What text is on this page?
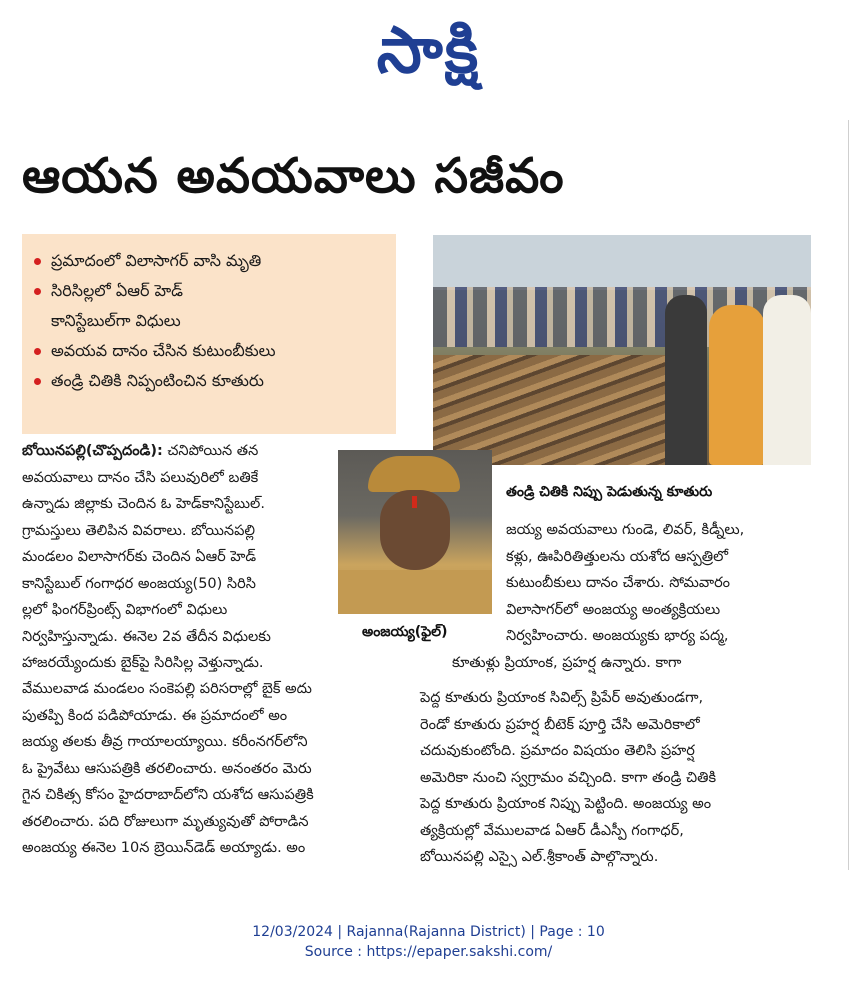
సాక్షి
ఆయన అవయవాలు సజీవం
ప్రమాదంలో విలాసాగర్ వాసి మృతి
సిరిసిల్లలో ఏఆర్ హెడ్
కానిస్టేబుల్‌గా విధులు
అవయవ దానం చేసిన కుటుంబీకులు
తండ్రి చితికి నిప్పంటించిన కూతురు
తండ్రి చితికి నిప్పు పెడుతున్న కూతురు
అంజయ్య(ఫైల్)
బోయినపల్లి(చొప్పదండి): చనిపోయిన తన
అవయవాలు దానం చేసి పలువురిలో బతికే
ఉన్నాడు జిల్లాకు చెందిన ఓ హెడ్‌కానిస్టేబుల్.
గ్రామస్తులు తెలిపిన వివరాలు. బోయినపల్లి
మండలం విలాసాగర్‌కు చెందిన ఏఆర్ హెడ్
కానిస్టేబుల్ గంగాధర అంజయ్య(50) సిరిసి
ల్లలో ఫింగర్‌ప్రింట్స్ విభాగంలో విధులు
నిర్వహిస్తున్నాడు. ఈనెల 2వ తేదీన విధులకు
హాజరయ్యేందుకు బైక్‌పై సిరిసిల్ల వెళ్తున్నాడు.
వేములవాడ మండలం సంకెపల్లి పరిసరాల్లో బైక్ అదు
పుతప్పి కింద పడిపోయాడు. ఈ ప్రమాదంలో అం
జయ్య తలకు తీవ్ర గాయాలయ్యాయి. కరీంనగర్‌లోని
ఓ ప్రైవేటు ఆసుపత్రికి తరలించారు. అనంతరం మెరు
గైన చికిత్స కోసం హైదరాబాద్‌లోని యశోద ఆసుపత్రికి
తరలించారు. పది రోజులుగా మృత్యువుతో పోరాడిన
అంజయ్య ఈనెల 10న బ్రెయిన్‌డెడ్ అయ్యాడు. అం
జయ్య అవయవాలు గుండె, లివర్, కిడ్నీలు,
కళ్లు, ఊపిరితిత్తులను యశోద ఆస్పత్రిలో
కుటుంబీకులు దానం చేశారు. సోమవారం
విలాసాగర్‌లో అంజయ్య అంత్యక్రియలు
నిర్వహించారు. అంజయ్యకు భార్య పద్మ,
కూతుళ్లు ప్రియాంక, ప్రహర్ష ఉన్నారు. కాగా
పెద్ద కూతురు ప్రియాంక సివిల్స్ ప్రిపేర్ అవుతుండగా,
రెండో కూతురు ప్రహర్ష బీటెక్ పూర్తి చేసి అమెరికాలో
చదువుకుంటోంది. ప్రమాదం విషయం తెలిసి ప్రహర్ష
అమెరికా నుంచి స్వగ్రామం వచ్చింది. కాగా తండ్రి చితికి
పెద్ద కూతురు ప్రియాంక నిప్పు పెట్టింది. అంజయ్య అం
త్యక్రియల్లో వేములవాడ ఏఆర్ డీఎస్పీ గంగాధర్,
బోయినపల్లి ఎస్సై ఎల్.శ్రీకాంత్ పాల్గొన్నారు.
12/03/2024 | Rajanna(Rajanna District) | Page : 10
Source : https://epaper.sakshi.com/
